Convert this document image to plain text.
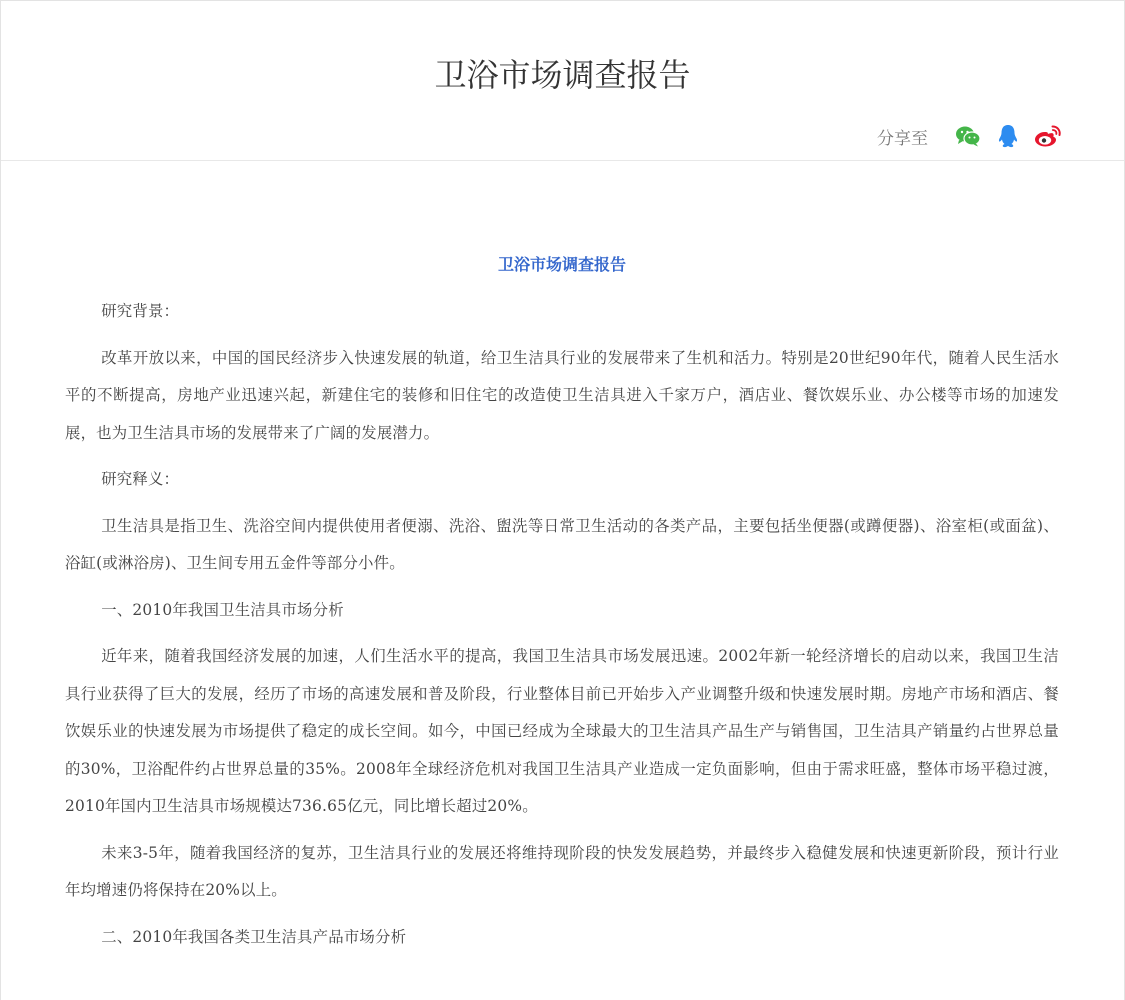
卫浴市场调查报告
分享至
卫浴市场调查报告

研究背景：

改革开放以来，中国的国民经济步入快速发展的轨道，给卫生洁具行业的发展带来了生机和活力。特别是20世纪90年代，随着人民生活水平的不断提高，房地产业迅速兴起，新建住宅的装修和旧住宅的改造使卫生洁具进入千家万户，酒店业、餐饮娱乐业、办公楼等市场的加速发展，也为卫生洁具市场的发展带来了广阔的发展潜力。

研究释义：

卫生洁具是指卫生、洗浴空间内提供使用者便溺、洗浴、盥洗等日常卫生活动的各类产品，主要包括坐便器(或蹲便器)、浴室柜(或面盆)、浴缸(或淋浴房)、卫生间专用五金件等部分小件。

一、2010年我国卫生洁具市场分析

近年来，随着我国经济发展的加速，人们生活水平的提高，我国卫生洁具市场发展迅速。2002年新一轮经济增长的启动以来，我国卫生洁具行业获得了巨大的发展，经历了市场的高速发展和普及阶段，行业整体目前已开始步入产业调整升级和快速发展时期。房地产市场和酒店、餐饮娱乐业的快速发展为市场提供了稳定的成长空间。如今，中国已经成为全球最大的卫生洁具产品生产与销售国，卫生洁具产销量约占世界总量的30%，卫浴配件约占世界总量的35%。2008年全球经济危机对我国卫生洁具产业造成一定负面影响，但由于需求旺盛，整体市场平稳过渡，2010年国内卫生洁具市场规模达736.65亿元，同比增长超过20%。

未来3-5年，随着我国经济的复苏，卫生洁具行业的发展还将维持现阶段的快发发展趋势，并最终步入稳健发展和快速更新阶段，预计行业年均增速仍将保持在20%以上。

二、2010年我国各类卫生洁具产品市场分析
